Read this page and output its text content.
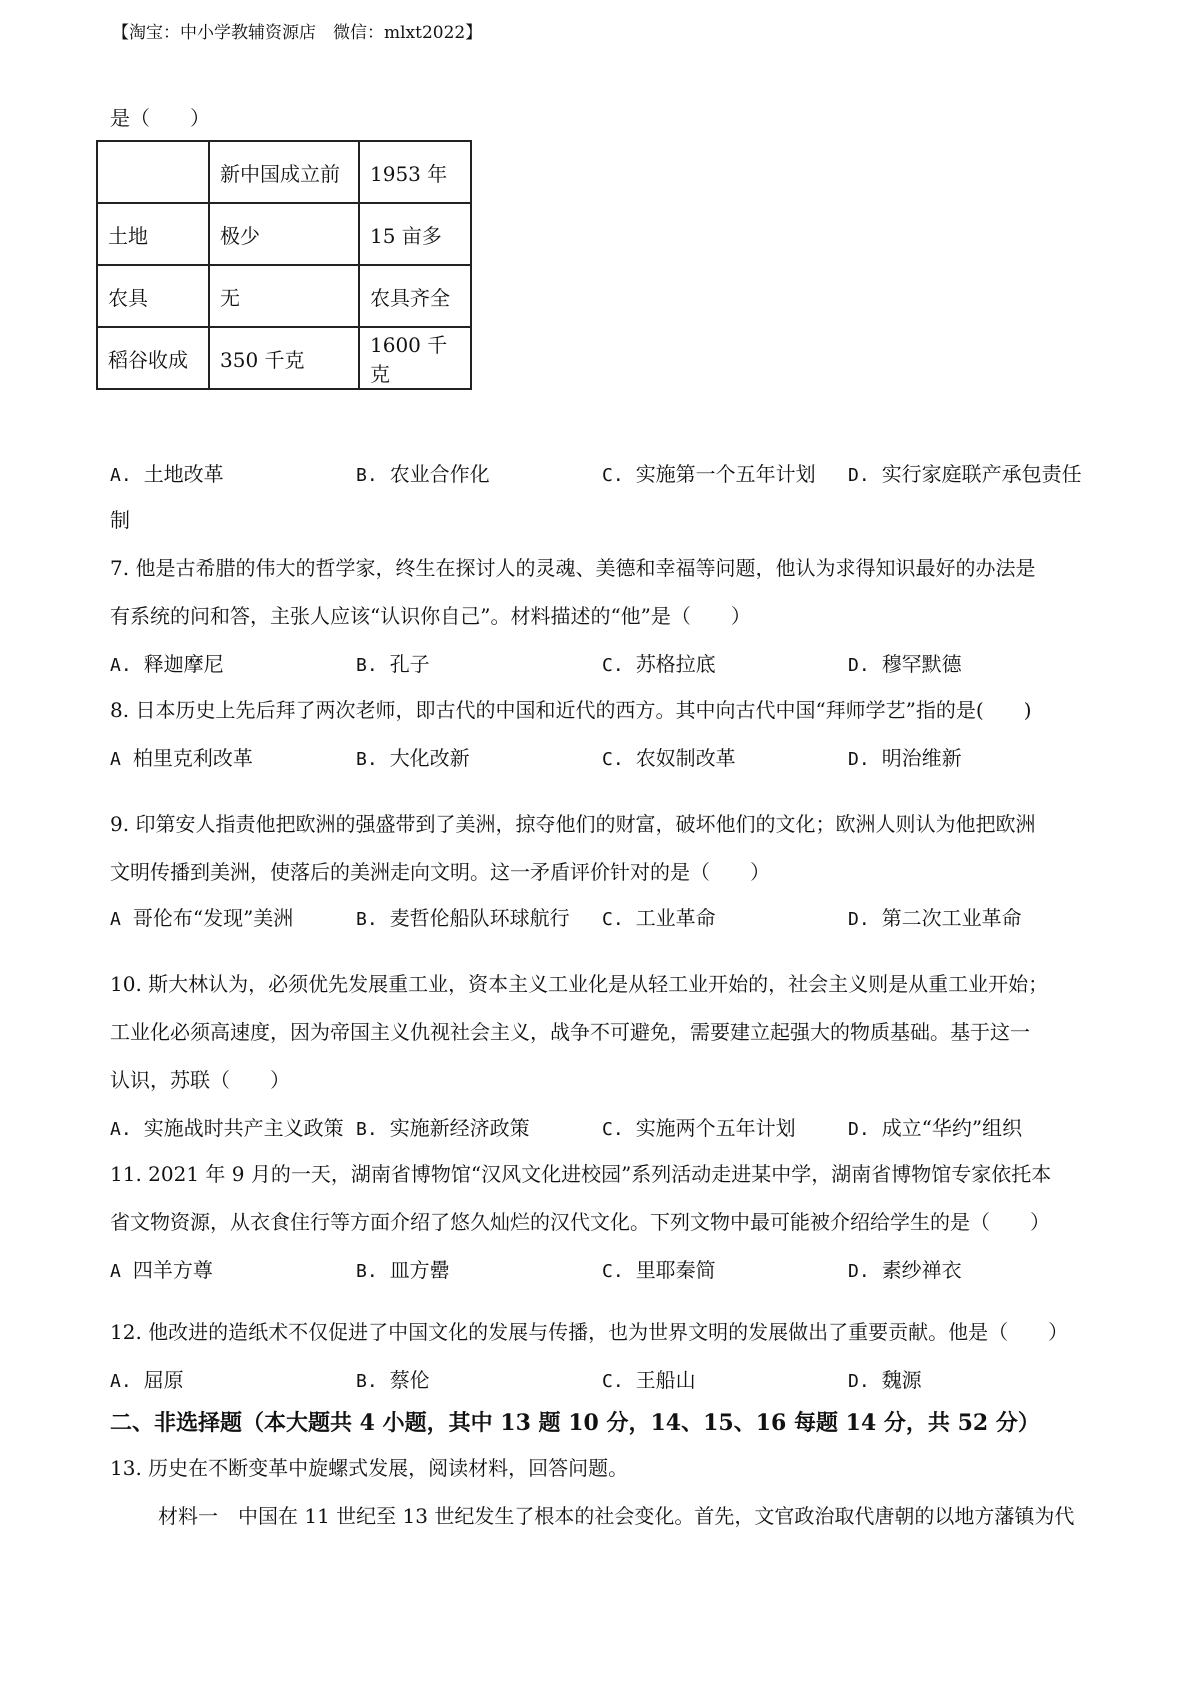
【淘宝：中小学教辅资源店　微信：mlxt2022】
是（　　）
	新中国成立前	1953 年
土地	极少	15 亩多
农具	无	农具齐全
稻谷收成	350 千克	1600 千克
A. 土地改革	B. 农业合作化	C. 实施第一个五年计划 D. 实行家庭联产承包责任
制
7. 他是古希腊的伟大的哲学家，终生在探讨人的灵魂、美德和幸福等问题，他认为求得知识最好的办法是
有系统的问和答，主张人应该“认识你自己”。材料描述的“他”是（　　）
A. 释迦摩尼	B. 孔子	C. 苏格拉底	D. 穆罕默德
8. 日本历史上先后拜了两次老师，即古代的中国和近代的西方。其中向古代中国“拜师学艺”指的是(　　)
A 柏里克利改革	B. 大化改新	C. 农奴制改革	D. 明治维新
9. 印第安人指责他把欧洲的强盛带到了美洲，掠夺他们的财富，破坏他们的文化；欧洲人则认为他把欧洲
文明传播到美洲，使落后的美洲走向文明。这一矛盾评价针对的是（　　）
A 哥伦布“发现”美洲	B. 麦哲伦船队环球航行 C. 工业革命	D. 第二次工业革命
10. 斯大林认为，必须优先发展重工业，资本主义工业化是从轻工业开始的，社会主义则是从重工业开始；
工业化必须高速度，因为帝国主义仇视社会主义，战争不可避免，需要建立起强大的物质基础。基于这一
认识，苏联（　　）
A. 实施战时共产主义政策 B. 实施新经济政策	C. 实施两个五年计划	D. 成立“华约”组织
11. 2021 年 9 月的一天，湖南省博物馆“汉风文化进校园”系列活动走进某中学，湖南省博物馆专家依托本
省文物资源，从衣食住行等方面介绍了悠久灿烂的汉代文化。下列文物中最可能被介绍给学生的是（　　）
A 四羊方尊	B. 皿方罍	C. 里耶秦简	D. 素纱禅衣
12. 他改进的造纸术不仅促进了中国文化的发展与传播，也为世界文明的发展做出了重要贡献。他是（　　）
A. 屈原	B. 蔡伦	C. 王船山	D. 魏源
二、非选择题（本大题共 4 小题，其中 13 题 10 分，14、15、16 每题 14 分，共 52 分）
13. 历史在不断变革中旋螺式发展，阅读材料，回答问题。
材料一　中国在 11 世纪至 13 世纪发生了根本的社会变化。首先，文官政治取代唐朝的以地方藩镇为代
